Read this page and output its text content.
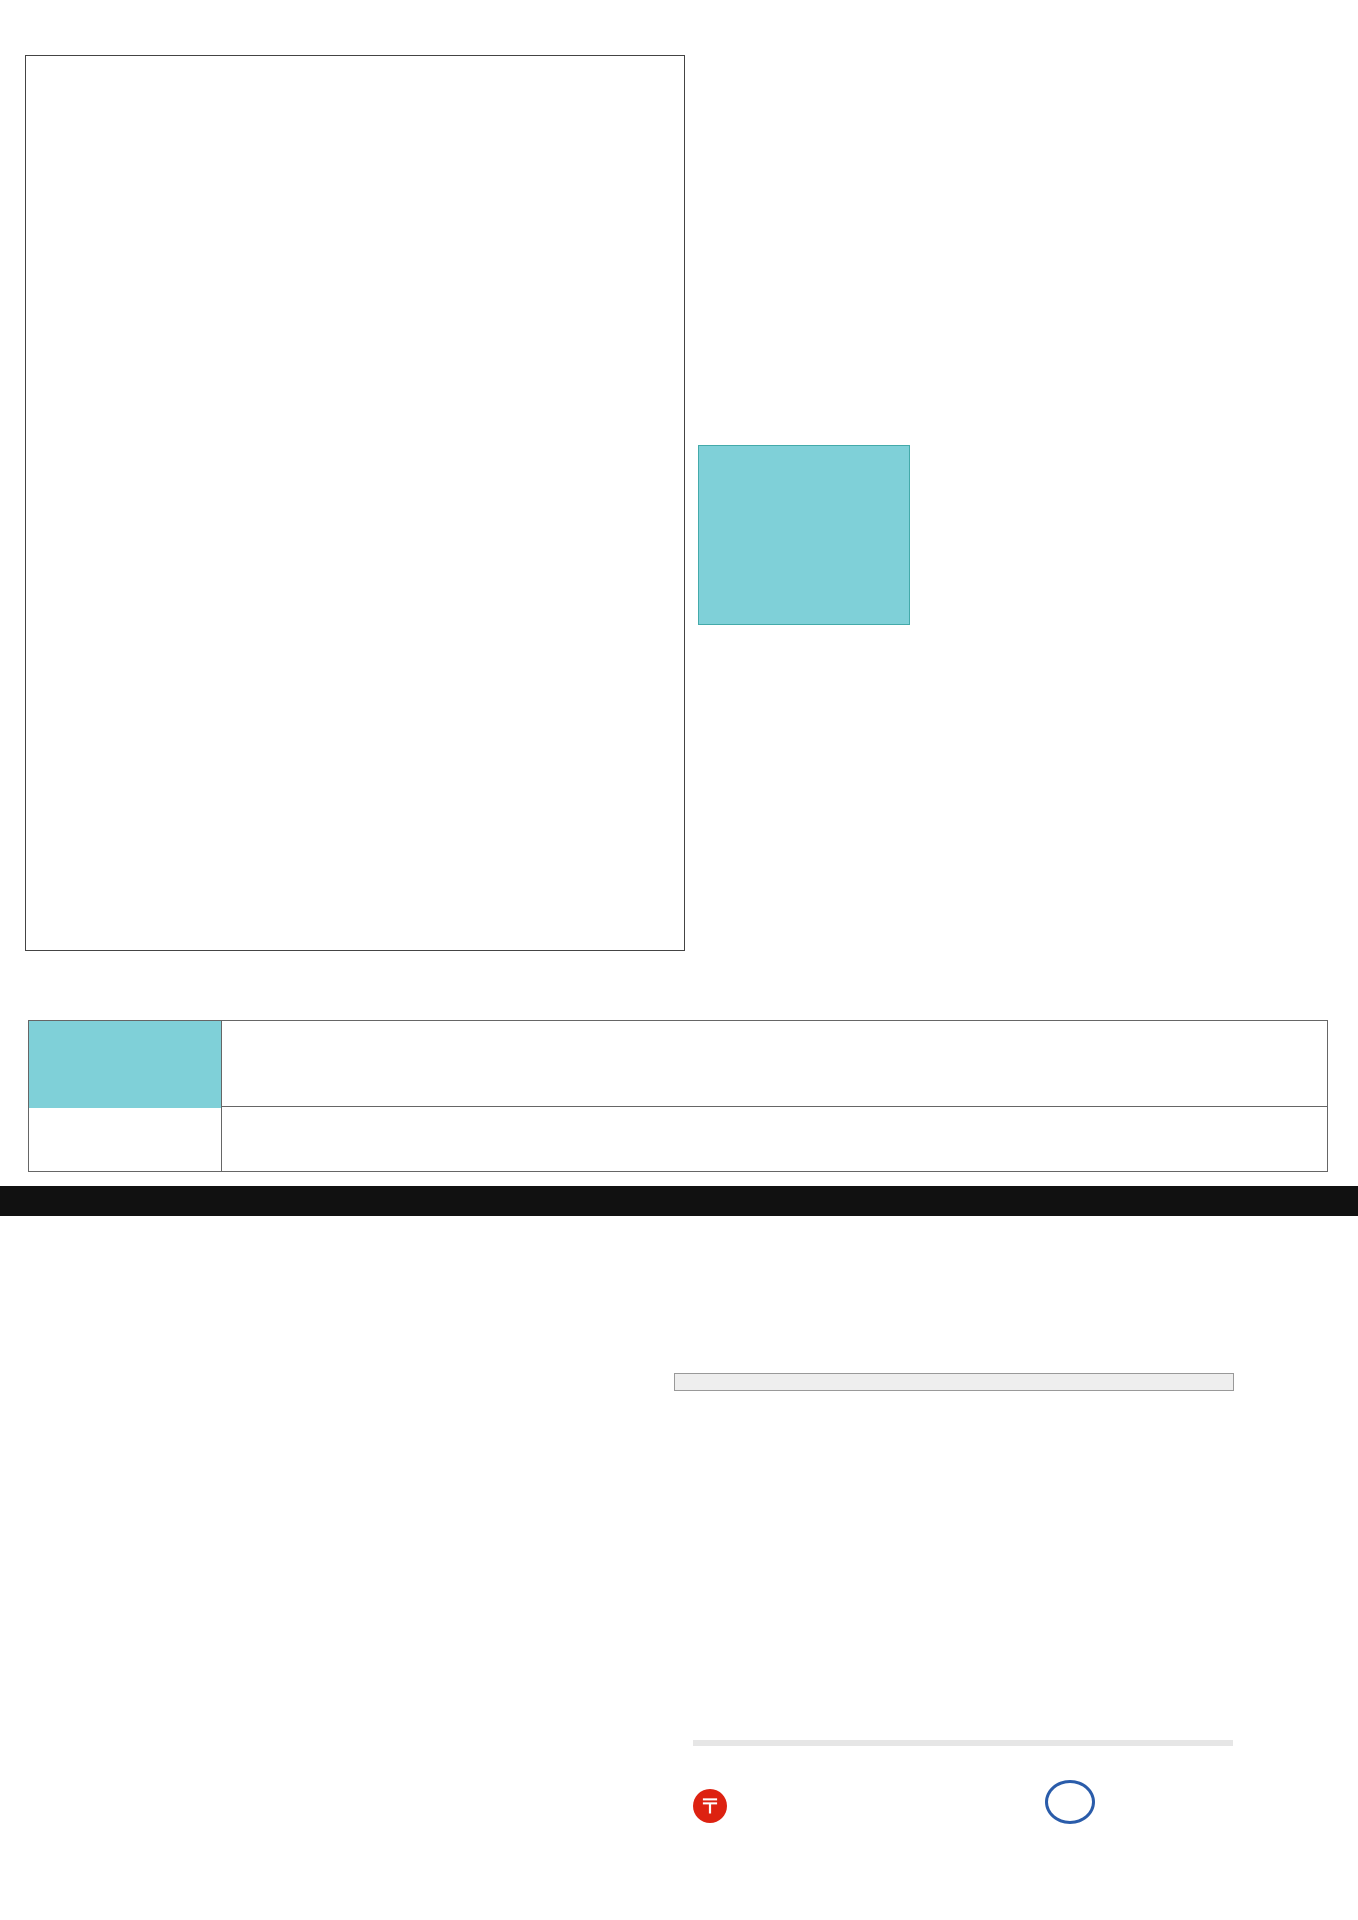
〒
